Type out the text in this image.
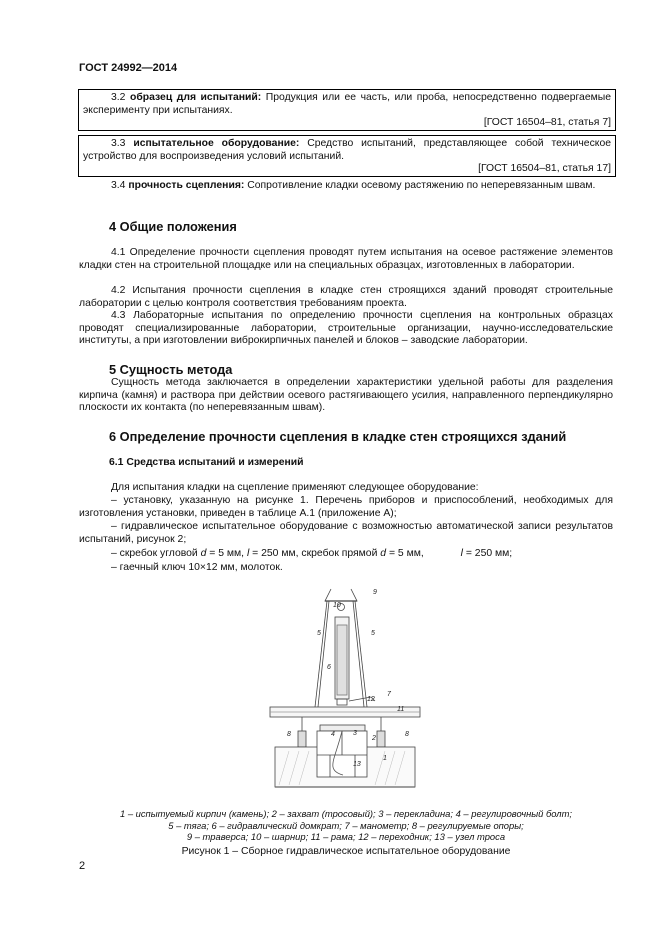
ГОСТ 24992—2014
3.2 образец для испытаний: Продукция или ее часть, или проба, непосредственно подвергаемые эксперименту при испытаниях.
[ГОСТ 16504–81, статья 7]
3.3 испытательное оборудование: Средство испытаний, представляющее собой техническое устройство для воспроизведения условий испытаний.
[ГОСТ 16504–81, статья 17]
3.4 прочность сцепления: Сопротивление кладки осевому растяжению по неперевязанным швам.
4 Общие положения
4.1 Определение прочности сцепления проводят путем испытания на осевое растяжение элементов кладки стен на строительной площадке или на специальных образцах, изготовленных в лаборатории.
4.2 Испытания прочности сцепления в кладке стен строящихся зданий проводят строительные лаборатории с целью контроля соответствия требованиям проекта.
4.3 Лабораторные испытания по определению прочности сцепления на контрольных образцах проводят специализированные лаборатории, строительные организации, научно-исследовательские институты, а при изготовлении виброкирпичных панелей и блоков – заводские лаборатории.
5 Сущность метода
Сущность метода заключается в определении характеристики удельной работы для разделения кирпича (камня) и раствора при действии осевого растягивающего усилия, направленного перпендикулярно плоскости их контакта (по неперевязанным швам).
6 Определение прочности сцепления в кладке стен строящихся зданий
6.1 Средства испытаний и измерений
Для испытания кладки на сцепление применяют следующее оборудование:
– установку, указанную на рисунке 1. Перечень приборов и приспособлений, необходимых для изготовления установки, приведен в таблице А.1 (приложение А);
– гидравлическое испытательное оборудование с возможностью автоматической записи результатов испытаний, рисунок 2;
– скребок угловой d = 5 мм, l = 250 мм, скребок прямой d = 5 мм,	l = 250 мм;
– гаечный ключ 10×12 мм, молоток.
9
10
5	5
6
7
12
11
8	8
4	3
2
1
13
1 – испытуемый кирпич (камень); 2 – захват (тросовый); 3 – перекладина; 4 – регулировочный болт;
5 – тяга; 6 – гидравлический домкрат; 7 – манометр; 8 – регулируемые опоры;
9 – траверса; 10 – шарнир; 11 – рама; 12 – переходник; 13 – узел троса
Рисунок 1 – Сборное гидравлическое испытательное оборудование
2
